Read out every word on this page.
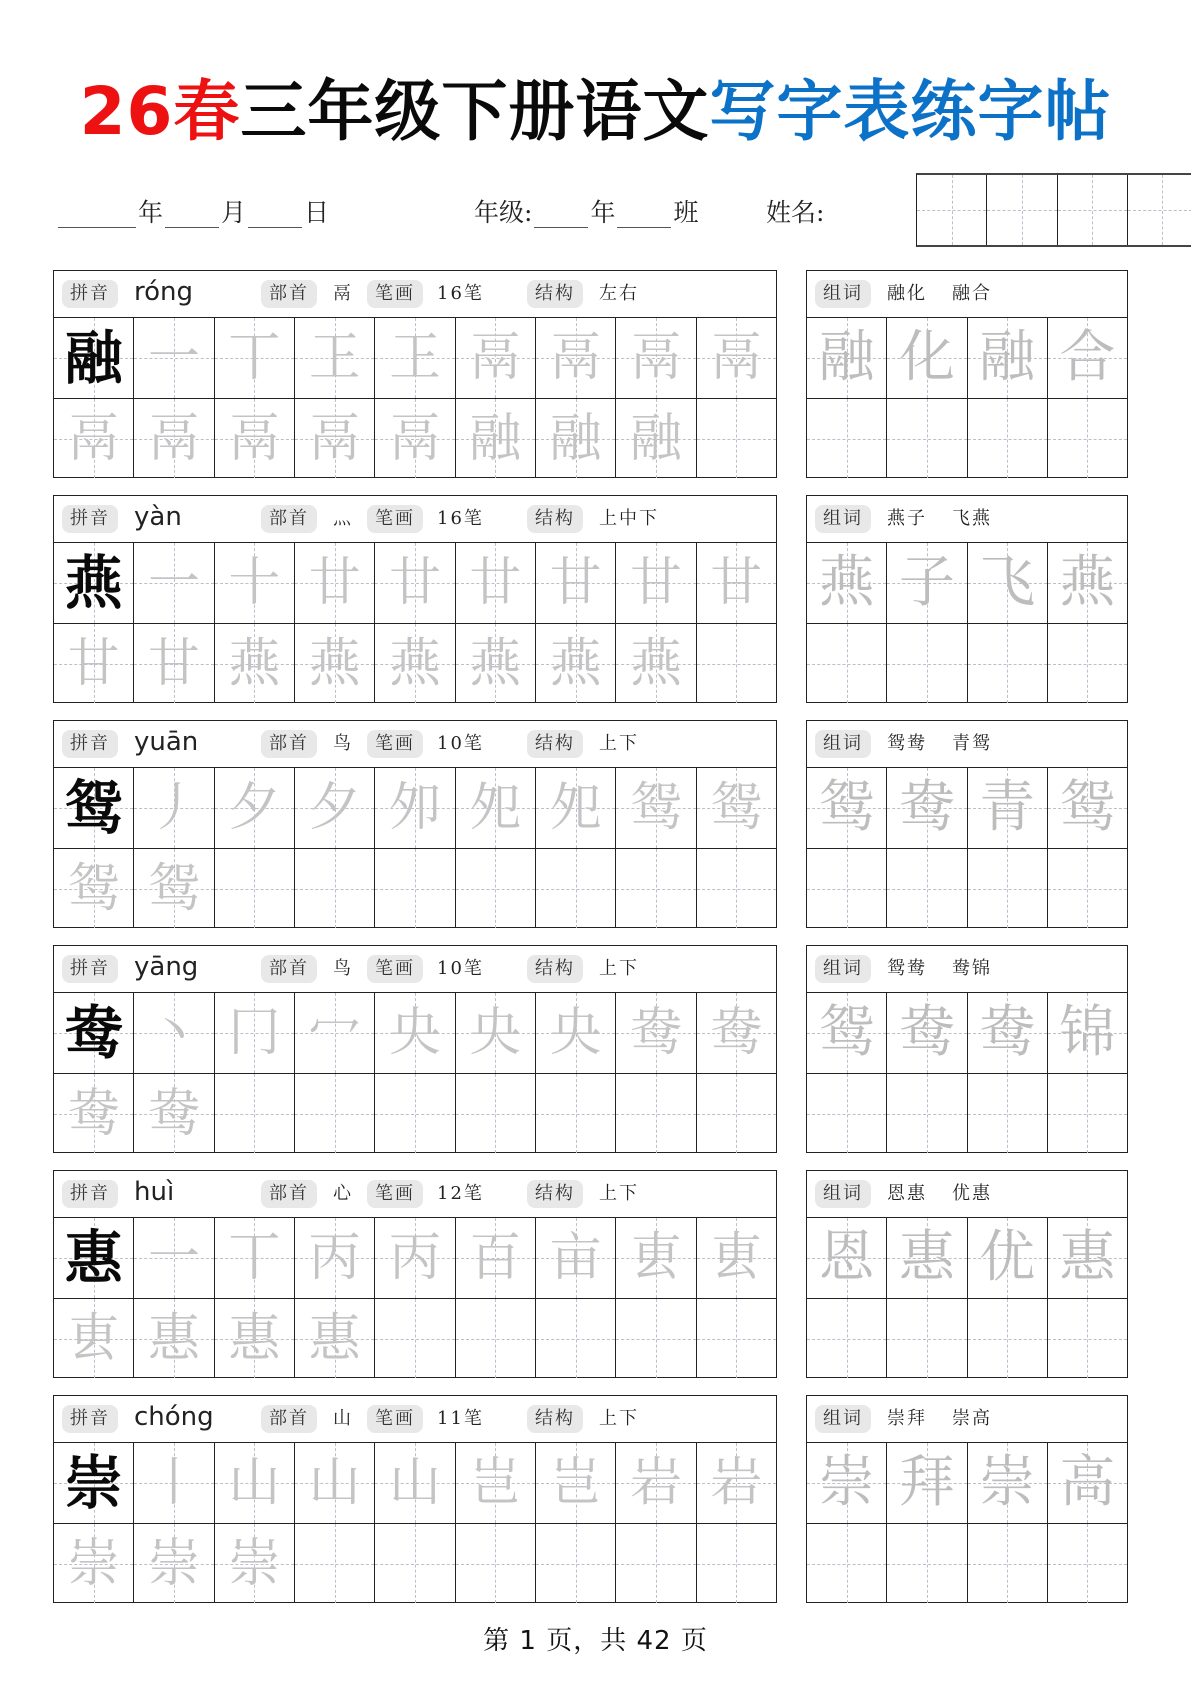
26春三年级下册语文写字表练字帖
年 月 日	年级: 年 班	姓名:
拼音 róng	部首	鬲	笔画	16笔	结构	左右
融 一 丅 㠪 㠪 鬲 鬲 鬲 鬲
鬲 鬲 鬲 鬲 鬲 融 融 融
组词	融化 融合
融 化 融 合
拼音 yàn	部首	灬	笔画	16笔	结构	上中下
燕 一 十 廿 廿 廿 甘 甘 甘
甘 甘 燕 燕 燕 燕 燕 燕
组词	燕子 飞燕
燕 子 飞 燕
拼音 yuān	部首	鸟	笔画	10笔	结构	上下
鸳 丿 夕 夕 夘 夗 夗 鸳 鸳
鸳 鸳
组词	鸳鸯 青鸳
鸳 鸯 青 鸳
拼音 yāng	部首	鸟	笔画	10笔	结构	上下
鸯 丶 冂 冖 央 央 央 鸯 鸯
鸯 鸯
组词	鸳鸯 鸯锦
鸳 鸯 鸯 锦
拼音 huì	部首	心	笔画	12笔	结构	上下
惠 一 丅 丙 丙 百 亩 叀 叀
叀 惠 惠 惠
组词	恩惠 优惠
恩 惠 优 惠
拼音 chóng	部首	山	笔画	11笔	结构	上下
崇 丨 山 山 山 岂 岂 岩 岩
崇 崇 崇
组词	崇拜 崇高
崇 拜 崇 高
第 1 页，共 42 页
